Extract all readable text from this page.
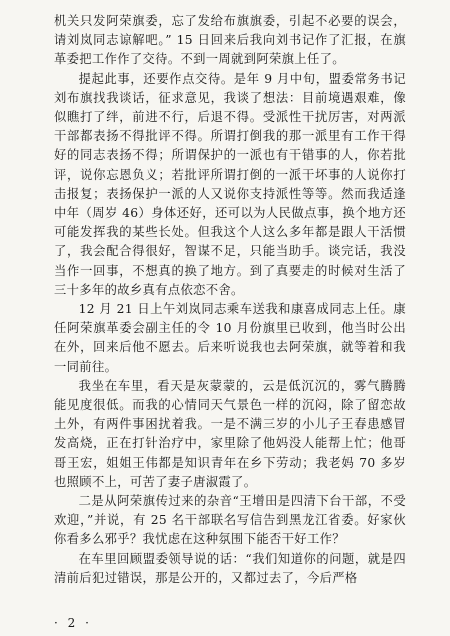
机关只发阿荣旗委，忘了发给布旗旗委，引起不必要的误会，请刘岚同志谅解吧。” 15 日回来后我向刘书记作了汇报，在旗革委把工作作了交待。不到一周就到阿荣旗上任了。

提起此事，还要作点交待。是年 9 月中旬，盟委常务书记刘布旗找我谈话，征求意见，我谈了想法：目前境遇艰难，像似瞧打了绊，前进不行，后退不得。受派性干扰厉害，对两派干部都表扬不得批评不得。所谓打倒我的那一派里有工作干得好的同志表扬不得；所谓保护的一派也有干错事的人，你若批评，说你忘恩负义；若批评所谓打倒的一派干坏事的人说你打击报复；表扬保护一派的人又说你支持派性等等。然而我适逢中年（周岁 46）身体还好，还可以为人民做点事，换个地方还可能发挥我的某些长处。但我这个人这么多年都是跟人干活惯了，我会配合得很好，智谋不足，只能当助手。谈完话，我没当作一回事，不想真的换了地方。到了真要走的时候对生活了三十多年的故乡真有点依恋不舍。

12 月 21 日上午刘岚同志乘车送我和康喜成同志上任。康任阿荣旗革委会副主任的令 10 月份旗里已收到，他当时公出在外，回来后他不愿去。后来听说我也去阿荣旗，就等着和我一同前往。

我坐在车里，看天是灰蒙蒙的，云是低沉沉的，雾气腾腾能见度很低。而我的心情同天气景色一样的沉闷，除了留恋故土外，有两件事困扰着我。一是不满三岁的小儿子王春患感冒发高烧，正在打针治疗中，家里除了他妈没人能帮上忙；他哥哥王宏，姐姐王伟都是知识青年在乡下劳动；我老妈 70 多岁也照顾不上，可苦了妻子唐淑霞了。

二是从阿荣旗传过来的杂音“王增田是四清下台干部，不受欢迎，”并说，有 25 名干部联名写信告到黑龙江省委。好家伙你看多么邪乎？我忧虑在这种氛围下能否干好工作？

在车里回顾盟委领导说的话：“我们知道你的问题，就是四清前后犯过错误，那是公开的，又都过去了，今后严格

· 2 ·
